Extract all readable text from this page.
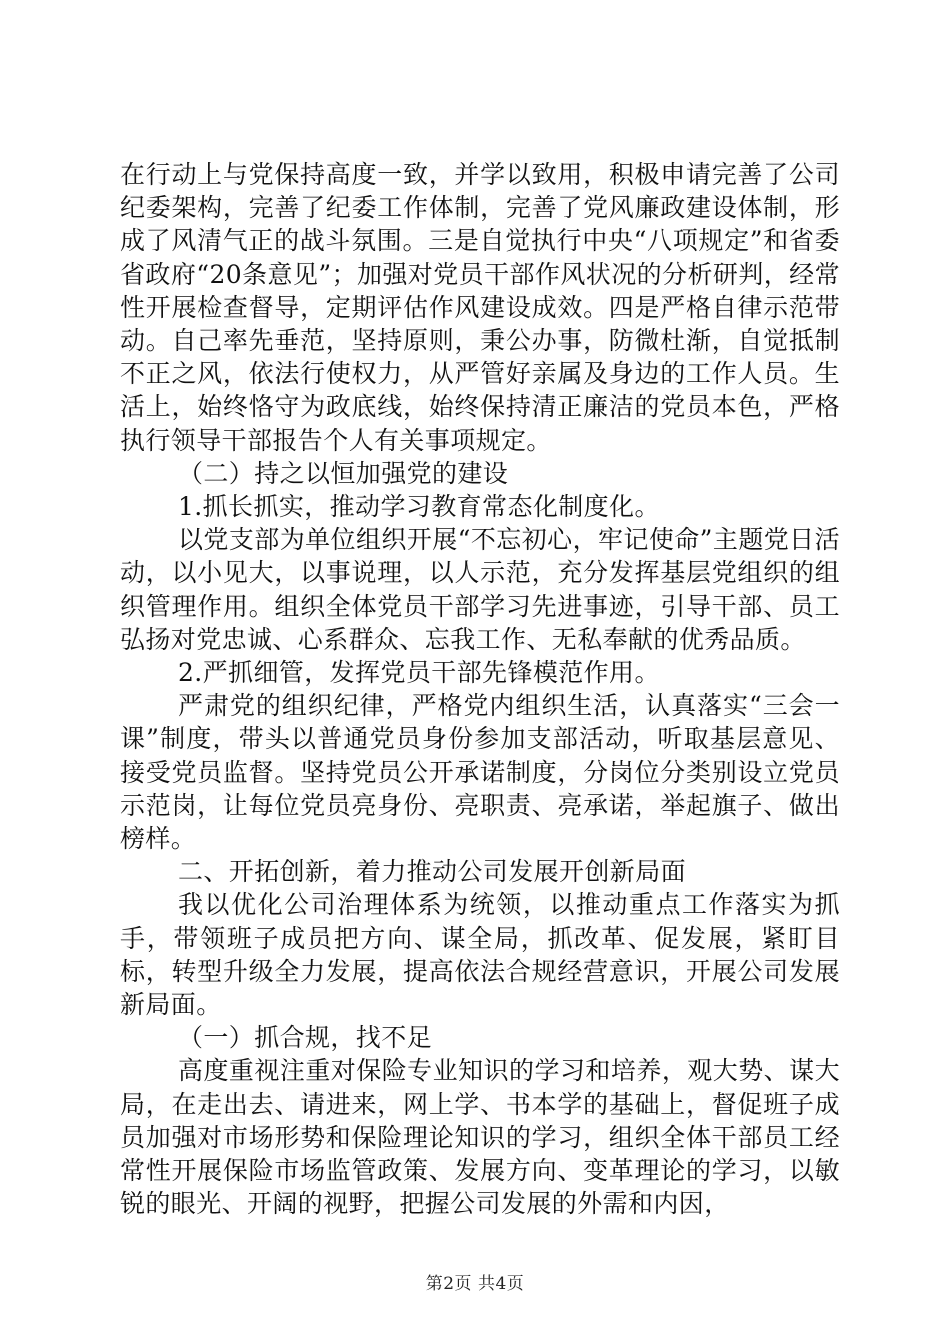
在行动上与党保持高度一致，并学以致用，积极申请完善了公司纪委架构，完善了纪委工作体制，完善了党风廉政建设体制，形成了风清气正的战斗氛围。三是自觉执行中央“八项规定”和省委省政府“20条意见”；加强对党员干部作风状况的分析研判，经常性开展检查督导，定期评估作风建设成效。四是严格自律示范带动。自己率先垂范，坚持原则，秉公办事，防微杜渐，自觉抵制不正之风，依法行使权力，从严管好亲属及身边的工作人员。生活上，始终恪守为政底线，始终保持清正廉洁的党员本色，严格执行领导干部报告个人有关事项规定。

（二）持之以恒加强党的建设

1.抓长抓实，推动学习教育常态化制度化。

以党支部为单位组织开展“不忘初心，牢记使命”主题党日活动，以小见大，以事说理，以人示范，充分发挥基层党组织的组织管理作用。组织全体党员干部学习先进事迹，引导干部、员工弘扬对党忠诚、心系群众、忘我工作、无私奉献的优秀品质。

2.严抓细管，发挥党员干部先锋模范作用。

严肃党的组织纪律，严格党内组织生活，认真落实“三会一课”制度，带头以普通党员身份参加支部活动，听取基层意见、接受党员监督。坚持党员公开承诺制度，分岗位分类别设立党员示范岗，让每位党员亮身份、亮职责、亮承诺，举起旗子、做出榜样。

二、开拓创新，着力推动公司发展开创新局面

我以优化公司治理体系为统领，以推动重点工作落实为抓手，带领班子成员把方向、谋全局，抓改革、促发展，紧盯目标，转型升级全力发展，提高依法合规经营意识，开展公司发展新局面。

（一）抓合规，找不足

高度重视注重对保险专业知识的学习和培养，观大势、谋大局，在走出去、请进来，网上学、书本学的基础上，督促班子成员加强对市场形势和保险理论知识的学习，组织全体干部员工经常性开展保险市场监管政策、发展方向、变革理论的学习，以敏锐的眼光、开阔的视野，把握公司发展的外需和内因，

第2页 共4页
